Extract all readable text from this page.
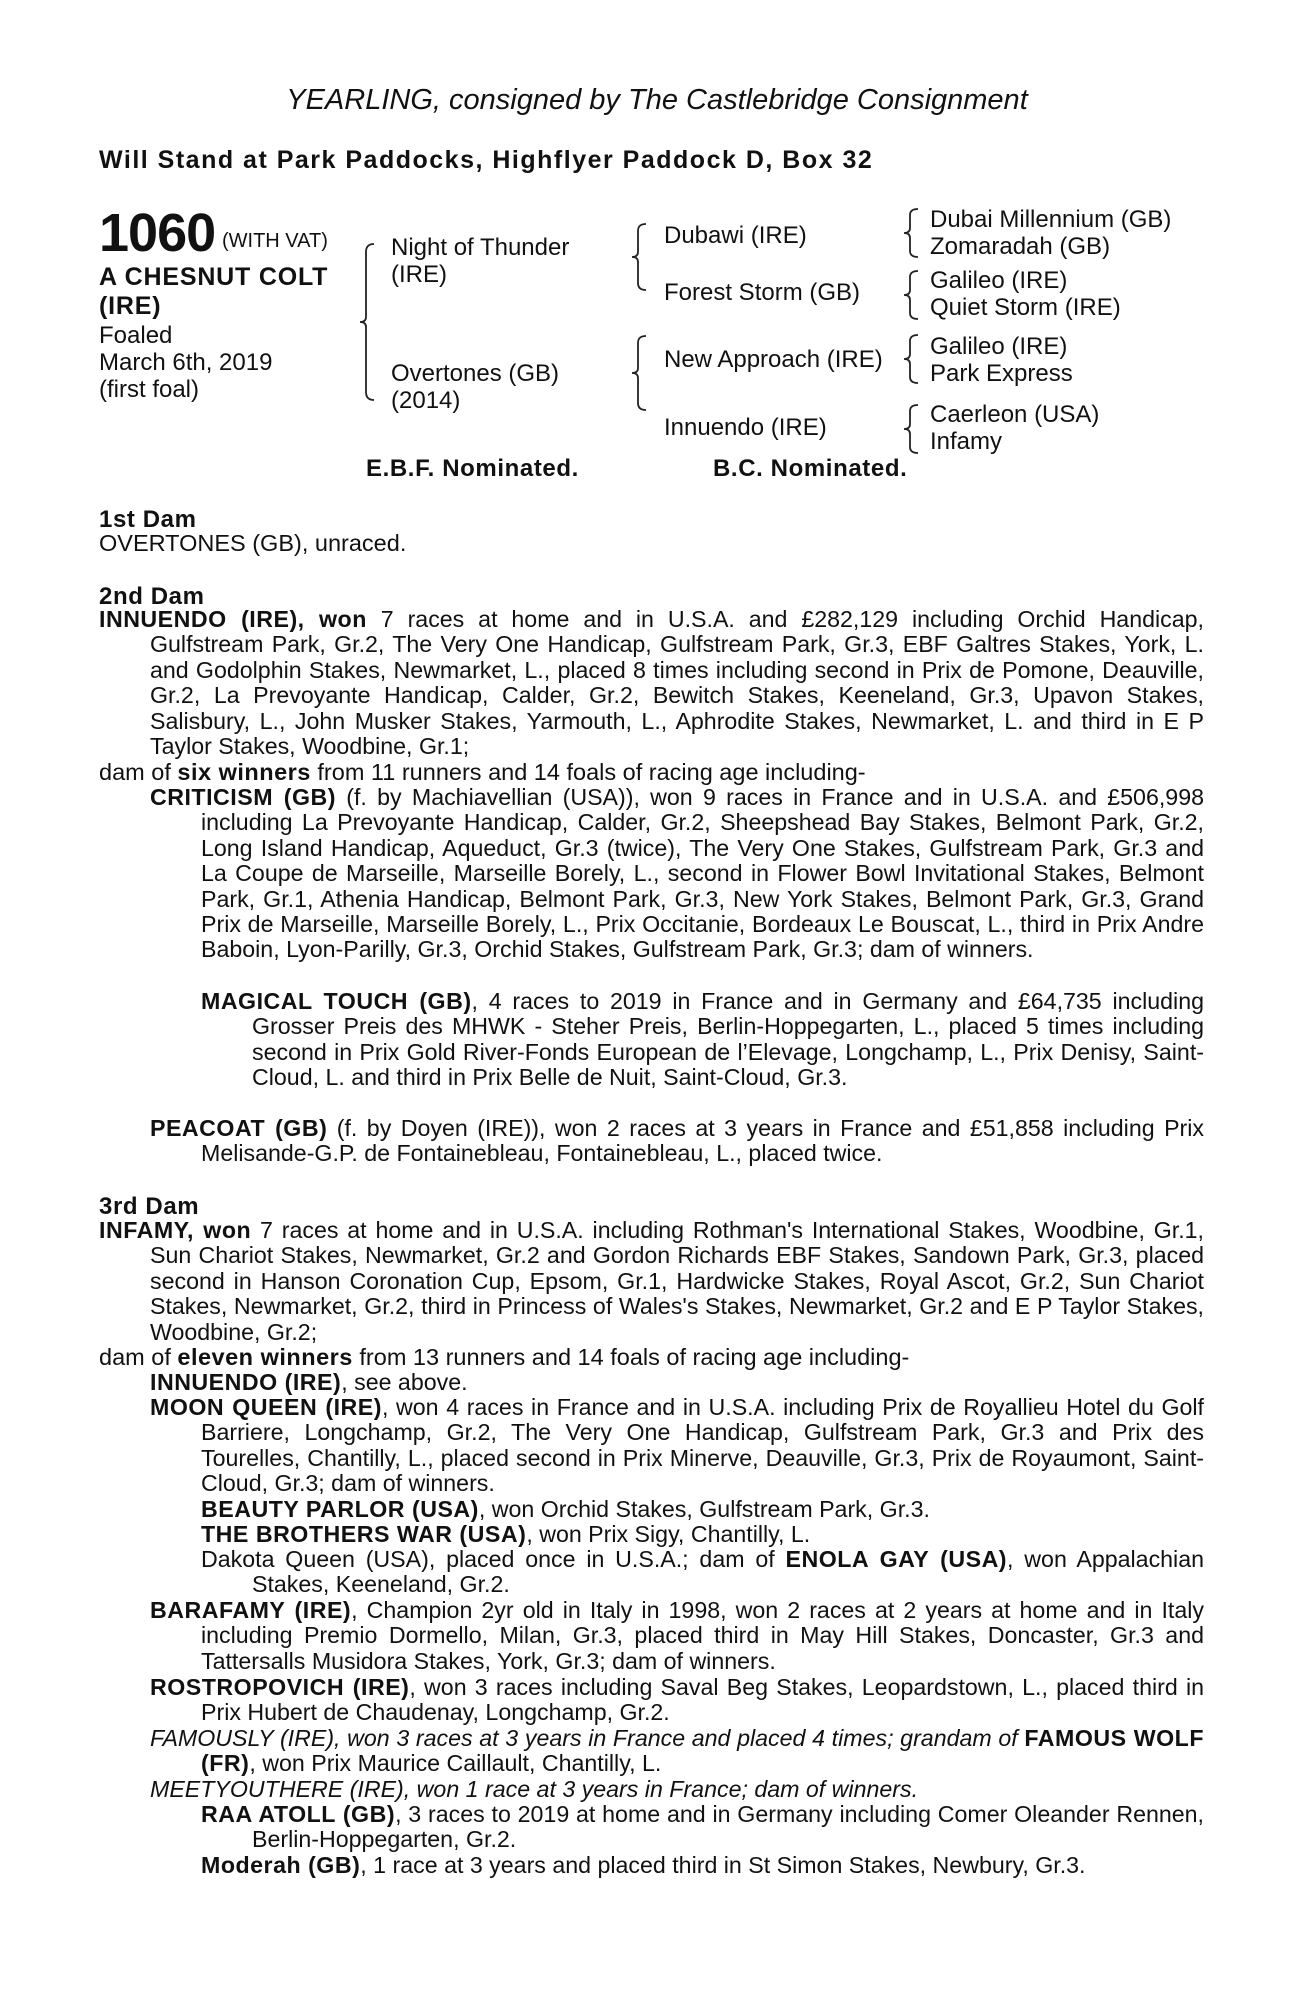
YEARLING, consigned by The Castlebridge Consignment
Will Stand at Park Paddocks, Highflyer Paddock D, Box 32
1060 (WITH VAT)
A CHESNUT COLT
(IRE)
Foaled
March 6th, 2019
(first foal)
Night of Thunder
(IRE)
Overtones (GB)
(2014)
Dubawi (IRE)
Forest Storm (GB)
New Approach (IRE)
Innuendo (IRE)
Dubai Millennium (GB)
Zomaradah (GB)
Galileo (IRE)
Quiet Storm (IRE)
Galileo (IRE)
Park Express
Caerleon (USA)
Infamy
E.B.F. Nominated.	B.C. Nominated.
1st Dam
OVERTONES (GB), unraced.
2nd Dam
INNUENDO (IRE), won 7 races at home and in U.S.A. and £282,129 including Orchid Handicap, Gulfstream Park, Gr.2, The Very One Handicap, Gulfstream Park, Gr.3, EBF Galtres Stakes, York, L. and Godolphin Stakes, Newmarket, L., placed 8 times including second in Prix de Pomone, Deauville, Gr.2, La Prevoyante Handicap, Calder, Gr.2, Bewitch Stakes, Keeneland, Gr.3, Upavon Stakes, Salisbury, L., John Musker Stakes, Yarmouth, L., Aphrodite Stakes, Newmarket, L. and third in E P Taylor Stakes, Woodbine, Gr.1;
dam of six winners from 11 runners and 14 foals of racing age including-
CRITICISM (GB) (f. by Machiavellian (USA)), won 9 races in France and in U.S.A. and £506,998 including La Prevoyante Handicap, Calder, Gr.2, Sheepshead Bay Stakes, Belmont Park, Gr.2, Long Island Handicap, Aqueduct, Gr.3 (twice), The Very One Stakes, Gulfstream Park, Gr.3 and La Coupe de Marseille, Marseille Borely, L., second in Flower Bowl Invitational Stakes, Belmont Park, Gr.1, Athenia Handicap, Belmont Park, Gr.3, New York Stakes, Belmont Park, Gr.3, Grand Prix de Marseille, Marseille Borely, L., Prix Occitanie, Bordeaux Le Bouscat, L., third in Prix Andre Baboin, Lyon-Parilly, Gr.3, Orchid Stakes, Gulfstream Park, Gr.3; dam of winners.
MAGICAL TOUCH (GB), 4 races to 2019 in France and in Germany and £64,735 including Grosser Preis des MHWK - Steher Preis, Berlin-Hoppegarten, L., placed 5 times including second in Prix Gold River-Fonds European de l’Elevage, Longchamp, L., Prix Denisy, Saint-Cloud, L. and third in Prix Belle de Nuit, Saint-Cloud, Gr.3.
PEACOAT (GB) (f. by Doyen (IRE)), won 2 races at 3 years in France and £51,858 including Prix Melisande-G.P. de Fontainebleau, Fontainebleau, L., placed twice.
3rd Dam
INFAMY, won 7 races at home and in U.S.A. including Rothman's International Stakes, Woodbine, Gr.1, Sun Chariot Stakes, Newmarket, Gr.2 and Gordon Richards EBF Stakes, Sandown Park, Gr.3, placed second in Hanson Coronation Cup, Epsom, Gr.1, Hardwicke Stakes, Royal Ascot, Gr.2, Sun Chariot Stakes, Newmarket, Gr.2, third in Princess of Wales's Stakes, Newmarket, Gr.2 and E P Taylor Stakes, Woodbine, Gr.2;
dam of eleven winners from 13 runners and 14 foals of racing age including-
INNUENDO (IRE), see above.
MOON QUEEN (IRE), won 4 races in France and in U.S.A. including Prix de Royallieu Hotel du Golf Barriere, Longchamp, Gr.2, The Very One Handicap, Gulfstream Park, Gr.3 and Prix des Tourelles, Chantilly, L., placed second in Prix Minerve, Deauville, Gr.3, Prix de Royaumont, Saint-Cloud, Gr.3; dam of winners.
BEAUTY PARLOR (USA), won Orchid Stakes, Gulfstream Park, Gr.3.
THE BROTHERS WAR (USA), won Prix Sigy, Chantilly, L.
Dakota Queen (USA), placed once in U.S.A.; dam of ENOLA GAY (USA), won Appalachian Stakes, Keeneland, Gr.2.
BARAFAMY (IRE), Champion 2yr old in Italy in 1998, won 2 races at 2 years at home and in Italy including Premio Dormello, Milan, Gr.3, placed third in May Hill Stakes, Doncaster, Gr.3 and Tattersalls Musidora Stakes, York, Gr.3; dam of winners.
ROSTROPOVICH (IRE), won 3 races including Saval Beg Stakes, Leopardstown, L., placed third in Prix Hubert de Chaudenay, Longchamp, Gr.2.
FAMOUSLY (IRE), won 3 races at 3 years in France and placed 4 times; grandam of FAMOUS WOLF (FR), won Prix Maurice Caillault, Chantilly, L.
MEETYOUTHERE (IRE), won 1 race at 3 years in France; dam of winners.
RAA ATOLL (GB), 3 races to 2019 at home and in Germany including Comer Oleander Rennen, Berlin-Hoppegarten, Gr.2.
Moderah (GB), 1 race at 3 years and placed third in St Simon Stakes, Newbury, Gr.3.
